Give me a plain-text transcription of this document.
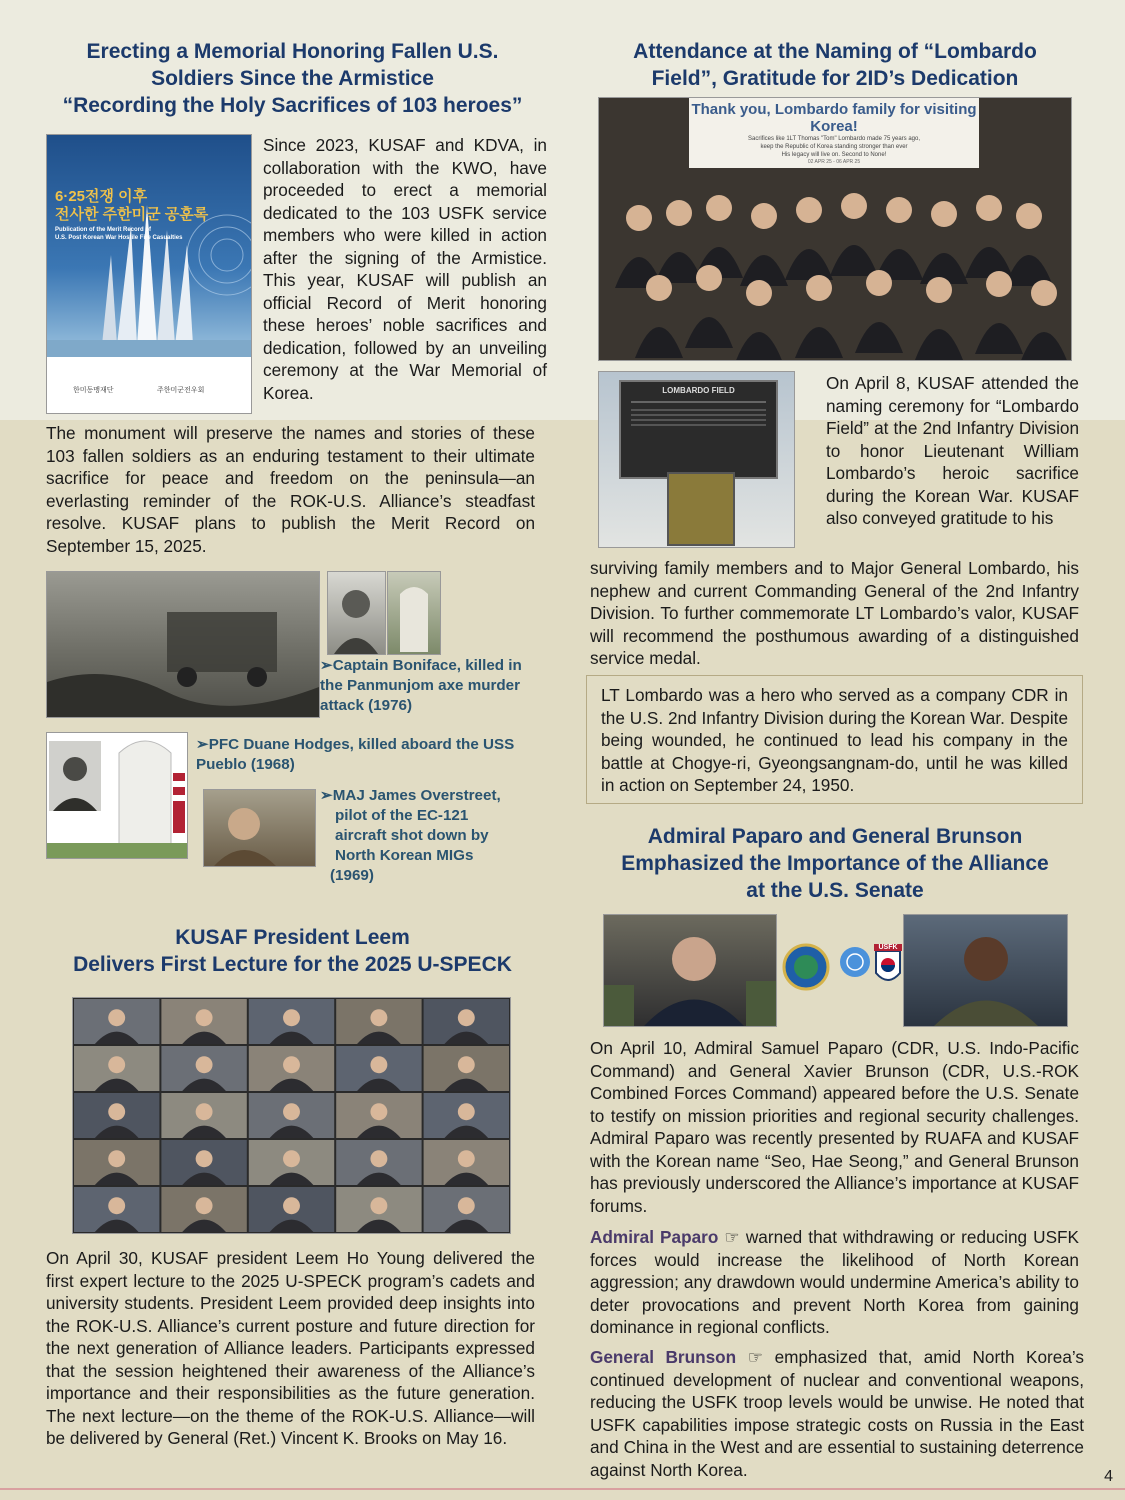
Erecting a Memorial Honoring Fallen U.S.
Soldiers Since the Armistice
“Recording the Holy Sacrifices of 103 heroes”
6·25전쟁 이후
전사한 주한미군 공훈록
Publication of the Merit Record of
U.S. Post Korean War Hostile Fire Casualties
한미동맹재단	주한미군전우회

Since 2023, KUSAF and KDVA, in collaboration with the KWO, have proceeded to erect a memorial dedicated to the 103 USFK service members who were killed in action after the signing of the Armistice. This year, KUSAF will publish an official Record of Merit honoring these heroes’ noble sacrifices and dedication, followed by an unveiling ceremony at the War Memorial of Korea.

The monument will preserve the names and stories of these 103 fallen soldiers as an enduring testament to their ultimate sacrifice for peace and freedom on the peninsula—an everlasting reminder of the ROK-U.S. Alliance’s steadfast resolve. KUSAF plans to publish the Merit Record on September 15, 2025.

➢Captain Boniface, killed in the Panmunjom axe murder attack (1976)
➢PFC Duane Hodges, killed aboard the USS Pueblo (1968)
➢MAJ James Overstreet,
pilot of the EC-121
aircraft shot down by
North Korean MIGs
(1969)
KUSAF President Leem
Delivers First Lecture for the 2025 U-SPECK

On April 30, KUSAF president Leem Ho Young delivered the first expert lecture to the 2025 U-SPECK program’s cadets and university students. President Leem provided deep insights into the ROK-U.S. Alliance’s current posture and future direction for the next generation of Alliance leaders. Participants expressed that the session heightened their awareness of the Alliance’s importance and their responsibilities as the future generation. The next lecture—on the theme of the ROK-U.S. Alliance—will be delivered by General (Ret.) Vincent K. Brooks on May 16.

Attendance at the Naming of “Lombardo
Field”, Gratitude for 2ID’s Dedication
Thank you, Lombardo family for visiting Korea!
Sacrifices like 1LT Thomas "Tom" Lombardo made 75 years ago,
keep the Republic of Korea standing stronger than ever
His legacy will live on. Second to None!
02 APR 25 - 06 APR 25
LOMBARDO FIELD	On April 8, KUSAF attended the naming ceremony for “Lombardo Field” at the 2nd Infantry Division to honor Lieutenant William Lombardo’s heroic sacrifice during the Korean War. KUSAF also conveyed gratitude to his

surviving family members and to Major General Lombardo, his nephew and current Commanding General of the 2nd Infantry Division. To further commemorate LT Lombardo’s valor, KUSAF will recommend the posthumous awarding of a distinguished service medal.

LT Lombardo was a hero who served as a company CDR in the U.S. 2nd Infantry Division during the Korean War. Despite being wounded, he continued to lead his company in the battle at Chogye-ri, Gyeongsangnam-do, until he was killed in action on September 24, 1950.

Admiral Paparo and General Brunson
Emphasized the Importance of the Alliance
at the U.S. Senate
USFK

On April 10, Admiral Samuel Paparo (CDR, U.S. Indo-Pacific Command) and General Xavier Brunson (CDR, U.S.-ROK Combined Forces Command) appeared before the U.S. Senate to testify on mission priorities and regional security challenges. Admiral Paparo was recently presented by RUAFA and KUSAF with the Korean name “Seo, Hae Seong,” and General Brunson has previously underscored the Alliance’s importance at KUSAF forums.

Admiral Paparo ☞ warned that withdrawing or reducing USFK forces would increase the likelihood of North Korean aggression; any drawdown would undermine America’s ability to deter provocations and prevent North Korea from gaining dominance in regional conflicts.

General Brunson ☞ emphasized that, amid North Korea’s continued development of nuclear and conventional weapons, reducing the USFK troop levels would be unwise. He noted that USFK capabilities impose strategic costs on Russia in the East and China in the West and are essential to sustaining deterrence against North Korea.	4
